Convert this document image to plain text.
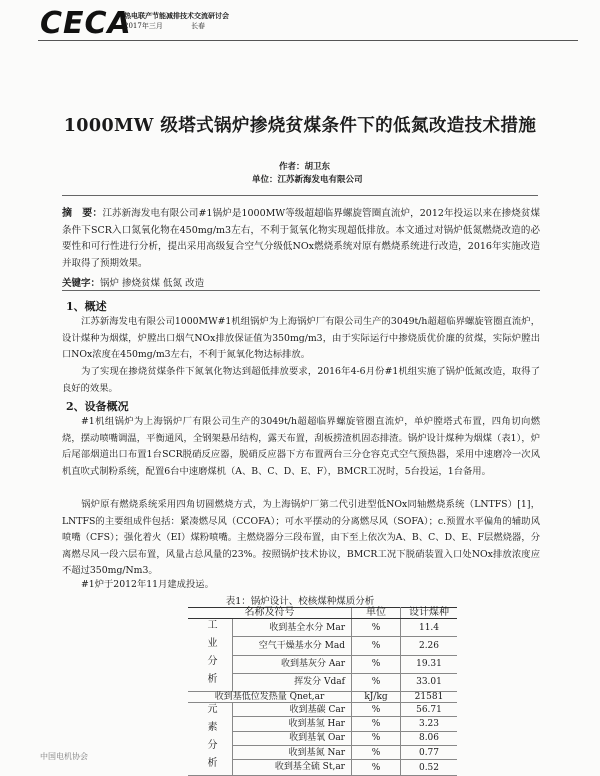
CECA
热电联产节能减排技术交流研讨会
2017年三月	长春
1000MW 级塔式锅炉掺烧贫煤条件下的低氮改造技术措施
作者：胡卫东
单位：江苏新海发电有限公司
摘　要：江苏新海发电有限公司#1锅炉是1000MW等级超超临界螺旋管圈直流炉，2012年投运以来在掺烧贫煤条件下SCR入口氮氧化物在450mg/m3左右，不利于氮氧化物实现超低排放。本文通过对锅炉低氮燃烧改造的必要性和可行性进行分析，提出采用高级复合空气分级低NOx燃烧系统对原有燃烧系统进行改造，2016年实施改造并取得了预期效果。
关键字：锅炉 掺烧贫煤 低氮 改造
1、概述
江苏新海发电有限公司1000MW#1机组锅炉为上海锅炉厂有限公司生产的3049t/h超超临界螺旋管圈直流炉，设计煤种为烟煤，炉膛出口烟气NOx排放保证值为350mg/m3，由于实际运行中掺烧质优价廉的贫煤，实际炉膛出口NOx浓度在450mg/m3左右，不利于氮氧化物达标排放。
为了实现在掺烧贫煤条件下氮氧化物达到超低排放要求，2016年4-6月份#1机组实施了锅炉低氮改造，取得了良好的效果。
2、设备概况
#1机组锅炉为上海锅炉厂有限公司生产的3049t/h超超临界螺旋管圈直流炉，单炉膛塔式布置，四角切向燃烧，摆动喷嘴调温，平衡通风，全钢架悬吊结构，露天布置，刮板捞渣机固态排渣。锅炉设计煤种为烟煤（表1），炉后尾部烟道出口布置1台SCR脱硝反应器，脱硝反应器下方布置两台三分仓容克式空气预热器，采用中速磨冷一次风机直吹式制粉系统，配置6台中速磨煤机（A、B、C、D、E、F），BMCR工况时，5台投运，1台备用。
锅炉原有燃烧系统采用四角切圆燃烧方式，为上海锅炉厂第二代引进型低NOx同轴燃烧系统（LNTFS）[1]，LNTFS的主要组成件包括：紧凑燃尽风（CCOFA）；可水平摆动的分离燃尽风（SOFA）；c.预置水平偏角的辅助风喷嘴（CFS）；强化着火（EI）煤粉喷嘴。主燃烧器分三段布置，由下至上依次为A、B、C、D、E、F层燃烧器，分离燃尽风一段六层布置，风量占总风量的23%。按照锅炉技术协议，BMCR工况下脱硝装置入口处NOx排放浓度应不超过350mg/Nm3。
#1炉于2012年11月建成投运。
表1：锅炉设计、校核煤种煤质分析
名称及符号		单位	设计煤种
工业分析	收到基全水分 Mar	%	11.4
	空气干燥基水分 Mad	%	2.26
	收到基灰分 Aar	%	19.31
	挥发分 Vdaf	%	33.01
收到基低位发热量 Qnet,ar		kJ/kg	21581
元素分析	收到基碳 Car	%	56.71
	收到基氢 Har	%	3.23
	收到基氧 Oar	%	8.06
	收到基氮 Nar	%	0.77
	收到基全硫 St,ar	%	0.52
中国电机协会
